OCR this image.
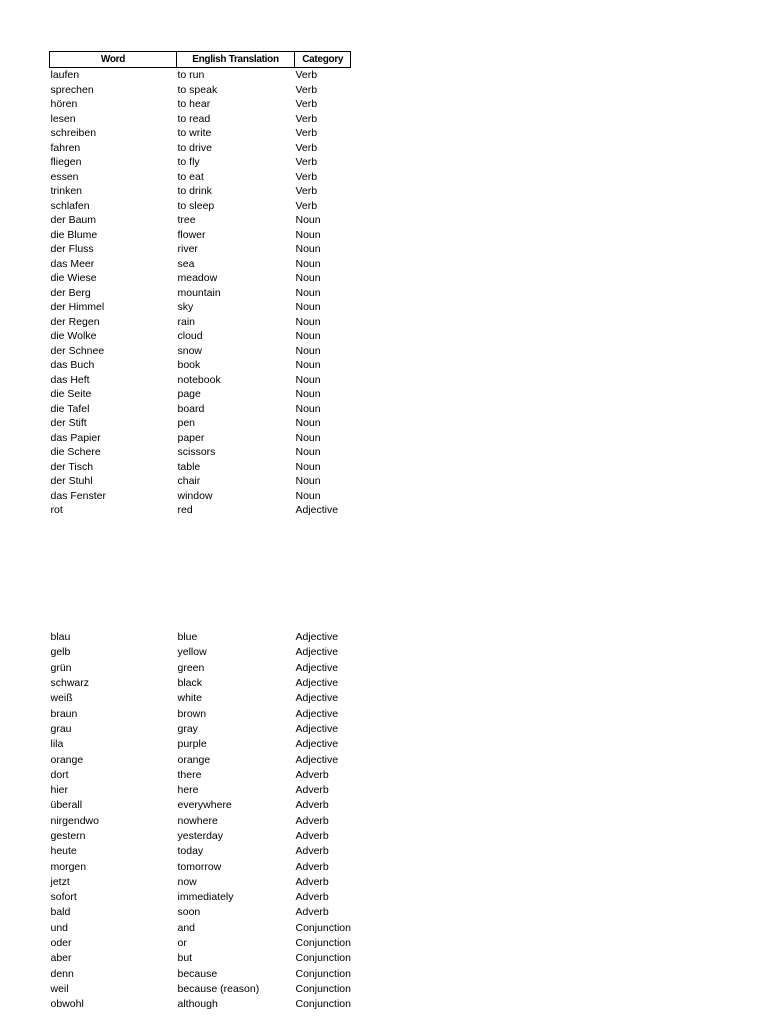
Word	English Translation	Category
laufen	to run	Verb
sprechen	to speak	Verb
hören	to hear	Verb
lesen	to read	Verb
schreiben	to write	Verb
fahren	to drive	Verb
fliegen	to fly	Verb
essen	to eat	Verb
trinken	to drink	Verb
schlafen	to sleep	Verb
der Baum	tree	Noun
die Blume	flower	Noun
der Fluss	river	Noun
das Meer	sea	Noun
die Wiese	meadow	Noun
der Berg	mountain	Noun
der Himmel	sky	Noun
der Regen	rain	Noun
die Wolke	cloud	Noun
der Schnee	snow	Noun
das Buch	book	Noun
das Heft	notebook	Noun
die Seite	page	Noun
die Tafel	board	Noun
der Stift	pen	Noun
das Papier	paper	Noun
die Schere	scissors	Noun
der Tisch	table	Noun
der Stuhl	chair	Noun
das Fenster	window	Noun
rot	red	Adjective

blau	blue	Adjective
gelb	yellow	Adjective
grün	green	Adjective
schwarz	black	Adjective
weiß	white	Adjective
braun	brown	Adjective
grau	gray	Adjective
lila	purple	Adjective
orange	orange	Adjective
dort	there	Adverb
hier	here	Adverb
überall	everywhere	Adverb
nirgendwo	nowhere	Adverb
gestern	yesterday	Adverb
heute	today	Adverb
morgen	tomorrow	Adverb
jetzt	now	Adverb
sofort	immediately	Adverb
bald	soon	Adverb
und	and	Conjunction
oder	or	Conjunction
aber	but	Conjunction
denn	because	Conjunction
weil	because (reason)	Conjunction
obwohl	although	Conjunction
